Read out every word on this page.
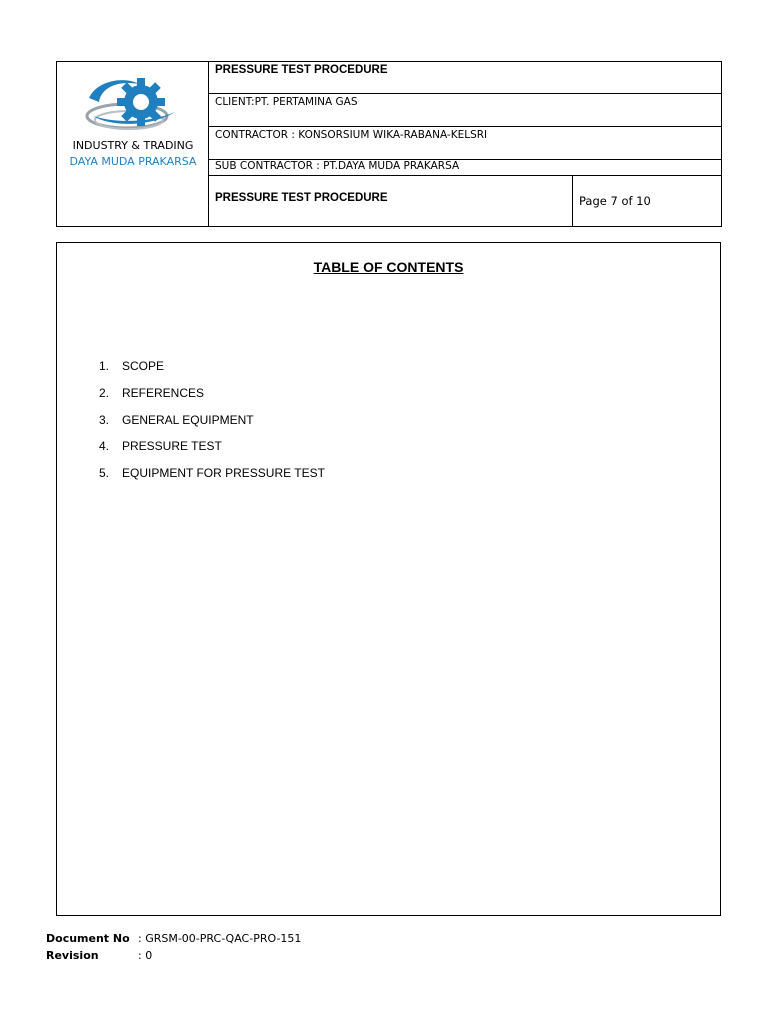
INDUSTRY & TRADING
DAYA MUDA PRAKARSA	PRESSURE TEST PROCEDURE	
	CLIENT:PT. PERTAMINA GAS	
	CONTRACTOR : KONSORSIUM WIKA-RABANA-KELSRI	
	SUB CONTRACTOR : PT.DAYA MUDA PRAKARSA	
	PRESSURE TEST PROCEDURE	Page 7 of 10
TABLE OF CONTENTS
1.	SCOPE
2.	REFERENCES
3.	GENERAL EQUIPMENT
4.	PRESSURE TEST
5.	EQUIPMENT FOR PRESSURE TEST
Document No : GRSM-00-PRC-QAC-PRO-151
Revision	: 0
